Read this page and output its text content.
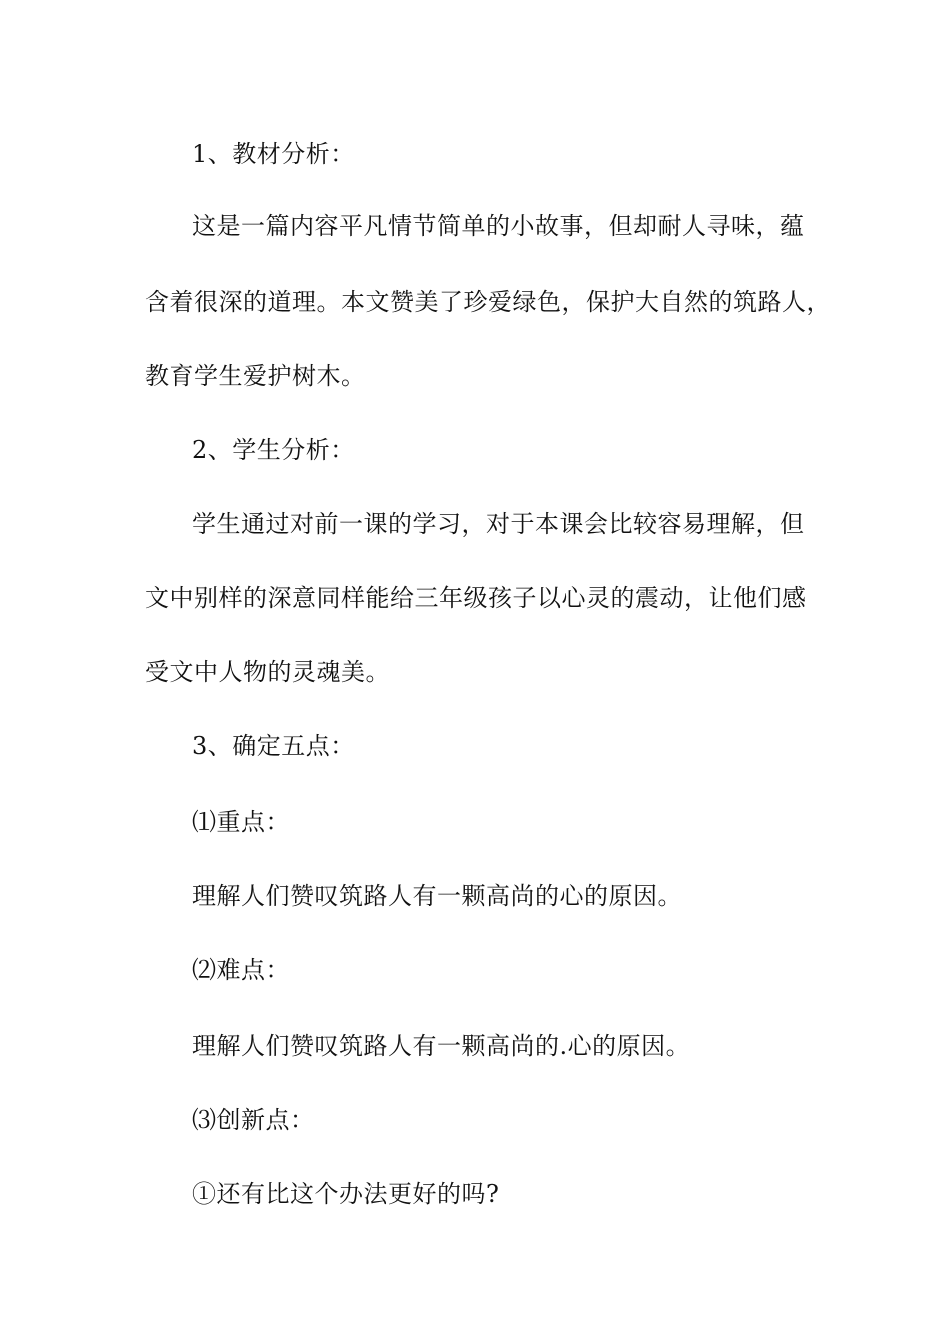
1、教材分析：
这是一篇内容平凡情节简单的小故事，但却耐人寻味，蕴
含着很深的道理。本文赞美了珍爱绿色，保护大自然的筑路人，
教育学生爱护树木。
2、学生分析：
学生通过对前一课的学习，对于本课会比较容易理解，但
文中别样的深意同样能给三年级孩子以心灵的震动，让他们感
受文中人物的灵魂美。
3、确定五点：
⑴重点：
理解人们赞叹筑路人有一颗高尚的心的原因。
⑵难点：
理解人们赞叹筑路人有一颗高尚的.心的原因。
⑶创新点：
①还有比这个办法更好的吗?
